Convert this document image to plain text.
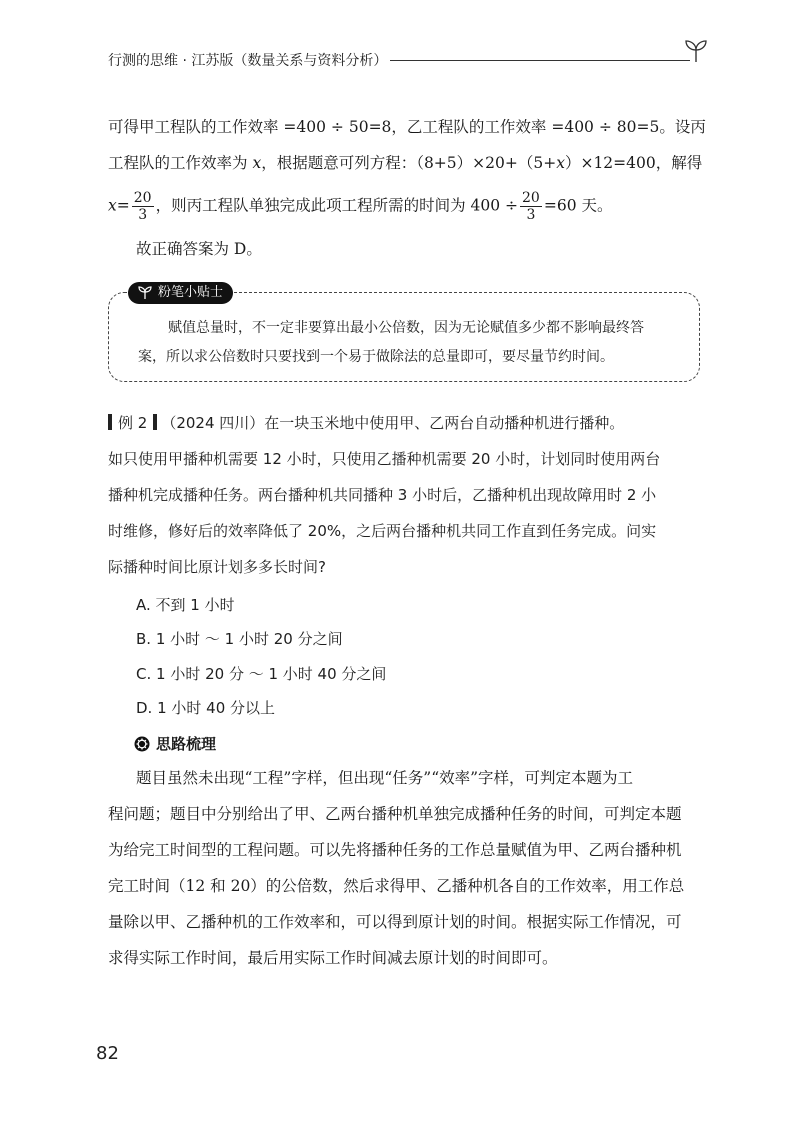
行测的思维 · 江苏版（数量关系与资料分析）
可得甲工程队的工作效率 =400 ÷ 50=8，乙工程队的工作效率 =400 ÷ 80=5。设丙
工程队的工作效率为 x，根据题意可列方程：（8+5）×20+（5+x）×12=400，解得
$x= \frac{20}{3}$ ，则丙工程队单独完成此项工程所需的时间为 $400 \div \frac{20}{3} =60$ 天。
故正确答案为 D。
粉笔小贴士
赋值总量时，不一定非要算出最小公倍数，因为无论赋值多少都不影响最终答
案，所以求公倍数时只要找到一个易于做除法的总量即可，要尽量节约时间。
例 2 （2024 四川）在一块玉米地中使用甲、乙两台自动播种机进行播种。
如只使用甲播种机需要 12 小时，只使用乙播种机需要 20 小时，计划同时使用两台
播种机完成播种任务。两台播种机共同播种 3 小时后，乙播种机出现故障用时 2 小
时维修，修好后的效率降低了 20%，之后两台播种机共同工作直到任务完成。问实
际播种时间比原计划多多长时间?
A. 不到 1 小时
B. 1 小时 ～ 1 小时 20 分之间
C. 1 小时 20 分 ～ 1 小时 40 分之间
D. 1 小时 40 分以上
思路梳理
题目虽然未出现“工程”字样，但出现“任务”“效率”字样，可判定本题为工
程问题；题目中分别给出了甲、乙两台播种机单独完成播种任务的时间，可判定本题
为给完工时间型的工程问题。可以先将播种任务的工作总量赋值为甲、乙两台播种机
完工时间（12 和 20）的公倍数，然后求得甲、乙播种机各自的工作效率，用工作总
量除以甲、乙播种机的工作效率和，可以得到原计划的时间。根据实际工作情况，可
求得实际工作时间，最后用实际工作时间减去原计划的时间即可。
82
